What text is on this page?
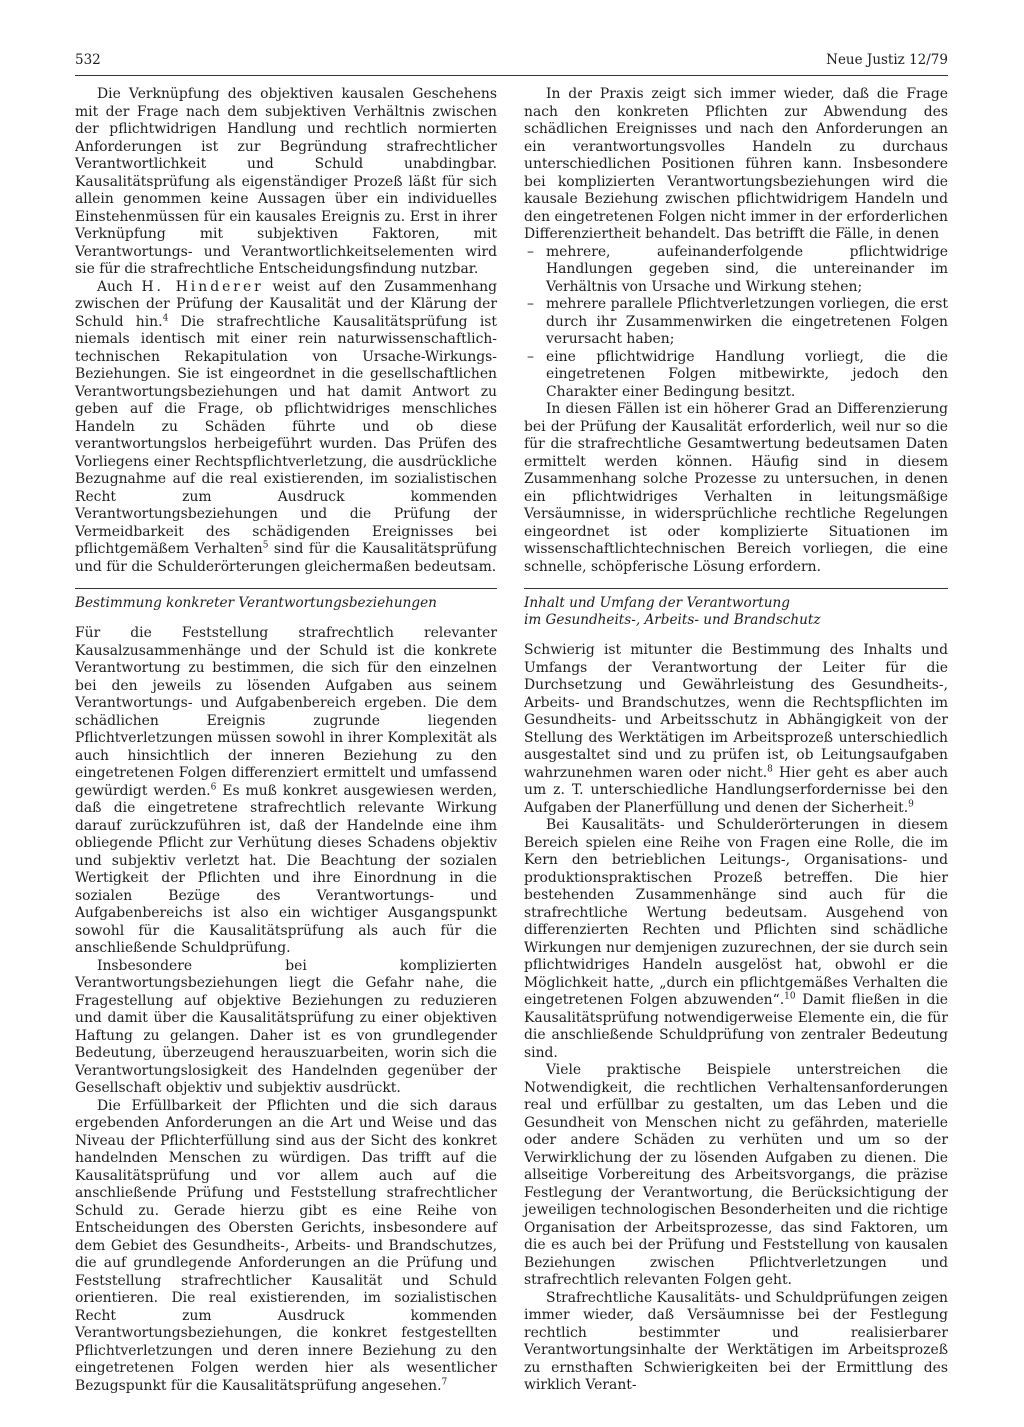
532	Neue Justiz 12/79

Die Verknüpfung des objektiven kausalen Geschehens mit der Frage nach dem subjektiven Verhältnis zwischen der pflichtwidrigen Handlung und rechtlich normierten Anforderungen ist zur Begründung strafrechtlicher Verantwortlichkeit und Schuld unabdingbar. Kausalitätsprüfung als eigenständiger Prozeß läßt für sich allein genommen keine Aussagen über ein individuelles Einstehenmüssen für ein kausales Ereignis zu. Erst in ihrer Verknüpfung mit subjektiven Faktoren, mit Verantwortungs- und Verantwortlichkeitselementen wird sie für die strafrechtliche Entscheidungsfindung nutzbar.

Auch H. Hinderer weist auf den Zusammenhang zwischen der Prüfung der Kausalität und der Klärung der Schuld hin.$^4$ Die strafrechtliche Kausalitätsprüfung ist niemals identisch mit einer rein naturwissenschaftlich-technischen Rekapitulation von Ursache-Wirkungs-Beziehungen. Sie ist eingeordnet in die gesellschaftlichen Verantwortungsbeziehungen und hat damit Antwort zu geben auf die Frage, ob pflichtwidriges menschliches Handeln zu Schäden führte und ob diese verantwortungslos herbeigeführt wurden. Das Prüfen des Vorliegens einer Rechtspflichtverletzung, die ausdrückliche Bezugnahme auf die real existierenden, im sozialistischen Recht zum Ausdruck kommenden Verantwortungsbeziehungen und die Prüfung der Vermeidbarkeit des schädigenden Ereignisses bei pflichtgemäßem Verhalten$^5$ sind für die Kausalitätsprüfung und für die Schulderörterungen gleichermaßen bedeutsam.

Bestimmung konkreter Verantwortungsbeziehungen

Für die Feststellung strafrechtlich relevanter Kausalzusammenhänge und der Schuld ist die konkrete Verantwortung zu bestimmen, die sich für den einzelnen bei den jeweils zu lösenden Aufgaben aus seinem Verantwortungs- und Aufgabenbereich ergeben. Die dem schädlichen Ereignis zugrunde liegenden Pflichtverletzungen müssen sowohl in ihrer Komplexität als auch hinsichtlich der inneren Beziehung zu den eingetretenen Folgen differenziert ermittelt und umfassend gewürdigt werden.$^6$ Es muß konkret ausgewiesen werden, daß die eingetretene strafrechtlich relevante Wirkung darauf zurückzuführen ist, daß der Handelnde eine ihm obliegende Pflicht zur Verhütung dieses Schadens objektiv und subjektiv verletzt hat. Die Beachtung der sozialen Wertigkeit der Pflichten und ihre Einordnung in die sozialen Bezüge des Verantwortungs- und Aufgabenbereichs ist also ein wichtiger Ausgangspunkt sowohl für die Kausalitätsprüfung als auch für die anschließende Schuldprüfung.

Insbesondere bei komplizierten Verantwortungsbeziehungen liegt die Gefahr nahe, die Fragestellung auf objektive Beziehungen zu reduzieren und damit über die Kausalitätsprüfung zu einer objektiven Haftung zu gelangen. Daher ist es von grundlegender Bedeutung, überzeugend herauszuarbeiten, worin sich die Verantwortungslosigkeit des Handelnden gegenüber der Gesellschaft objektiv und subjektiv ausdrückt.

Die Erfüllbarkeit der Pflichten und die sich daraus ergebenden Anforderungen an die Art und Weise und das Niveau der Pflichterfüllung sind aus der Sicht des konkret handelnden Menschen zu würdigen. Das trifft auf die Kausalitätsprüfung und vor allem auch auf die anschließende Prüfung und Feststellung strafrechtlicher Schuld zu. Gerade hierzu gibt es eine Reihe von Entscheidungen des Obersten Gerichts, insbesondere auf dem Gebiet des Gesundheits-, Arbeits- und Brandschutzes, die auf grundlegende Anforderungen an die Prüfung und Feststellung strafrechtlicher Kausalität und Schuld orientieren. Die real existierenden, im sozialistischen Recht zum Ausdruck kommenden Verantwortungsbeziehungen, die konkret festgestellten Pflichtverletzungen und deren innere Beziehung zu den eingetretenen Folgen werden hier als wesentlicher Bezugspunkt für die Kausalitätsprüfung angesehen.$^7$

In der Praxis zeigt sich immer wieder, daß die Frage nach den konkreten Pflichten zur Abwendung des schädlichen Ereignisses und nach den Anforderungen an ein verantwortungsvolles Handeln zu durchaus unterschiedlichen Positionen führen kann. Insbesondere bei komplizierten Verantwortungsbeziehungen wird die kausale Beziehung zwischen pflichtwidrigem Handeln und den eingetretenen Folgen nicht immer in der erforderlichen Differenziertheit behandelt. Das betrifft die Fälle, in denen

– mehrere, aufeinanderfolgende pflichtwidrige Handlungen gegeben sind, die untereinander im Verhältnis von Ursache und Wirkung stehen;
– mehrere parallele Pflichtverletzungen vorliegen, die erst durch ihr Zusammenwirken die eingetretenen Folgen verursacht haben;
– eine pflichtwidrige Handlung vorliegt, die die eingetretenen Folgen mitbewirkte, jedoch den Charakter einer Bedingung besitzt.

In diesen Fällen ist ein höherer Grad an Differenzierung bei der Prüfung der Kausalität erforderlich, weil nur so die für die strafrechtliche Gesamtwertung bedeutsamen Daten ermittelt werden können. Häufig sind in diesem Zusammenhang solche Prozesse zu untersuchen, in denen ein pflichtwidriges Verhalten in leitungsmäßige Versäumnisse, in widersprüchliche rechtliche Regelungen eingeordnet ist oder komplizierte Situationen im wissenschaftlichtechnischen Bereich vorliegen, die eine schnelle, schöpferische Lösung erfordern.

Inhalt und Umfang der Verantwortung
im Gesundheits-, Arbeits- und Brandschutz

Schwierig ist mitunter die Bestimmung des Inhalts und Umfangs der Verantwortung der Leiter für die Durchsetzung und Gewährleistung des Gesundheits-, Arbeits- und Brandschutzes, wenn die Rechtspflichten im Gesundheits- und Arbeitsschutz in Abhängigkeit von der Stellung des Werktätigen im Arbeitsprozeß unterschiedlich ausgestaltet sind und zu prüfen ist, ob Leitungsaufgaben wahrzunehmen waren oder nicht.$^8$ Hier geht es aber auch um z. T. unterschiedliche Handlungserfordernisse bei den Aufgaben der Planerfüllung und denen der Sicherheit.$^9$

Bei Kausalitäts- und Schulderörterungen in diesem Bereich spielen eine Reihe von Fragen eine Rolle, die im Kern den betrieblichen Leitungs-, Organisations- und produktionspraktischen Prozeß betreffen. Die hier bestehenden Zusammenhänge sind auch für die strafrechtliche Wertung bedeutsam. Ausgehend von differenzierten Rechten und Pflichten sind schädliche Wirkungen nur demjenigen zuzurechnen, der sie durch sein pflichtwidriges Handeln ausgelöst hat, obwohl er die Möglichkeit hatte, „durch ein pflichtgemäßes Verhalten die eingetretenen Folgen abzuwenden“.$^{10}$ Damit fließen in die Kausalitätsprüfung notwendigerweise Elemente ein, die für die anschließende Schuldprüfung von zentraler Bedeutung sind.

Viele praktische Beispiele unterstreichen die Notwendigkeit, die rechtlichen Verhaltensanforderungen real und erfüllbar zu gestalten, um das Leben und die Gesundheit von Menschen nicht zu gefährden, materielle oder andere Schäden zu verhüten und um so der Verwirklichung der zu lösenden Aufgaben zu dienen. Die allseitige Vorbereitung des Arbeitsvorgangs, die präzise Festlegung der Verantwortung, die Berücksichtigung der jeweiligen technologischen Besonderheiten und die richtige Organisation der Arbeitsprozesse, das sind Faktoren, um die es auch bei der Prüfung und Feststellung von kausalen Beziehungen zwischen Pflichtverletzungen und strafrechtlich relevanten Folgen geht.

Strafrechtliche Kausalitäts- und Schuldprüfungen zeigen immer wieder, daß Versäumnisse bei der Festlegung rechtlich bestimmter und realisierbarer Verantwortungsinhalte der Werktätigen im Arbeitsprozeß zu ernsthaften Schwierigkeiten bei der Ermittlung des wirklich Verant-
